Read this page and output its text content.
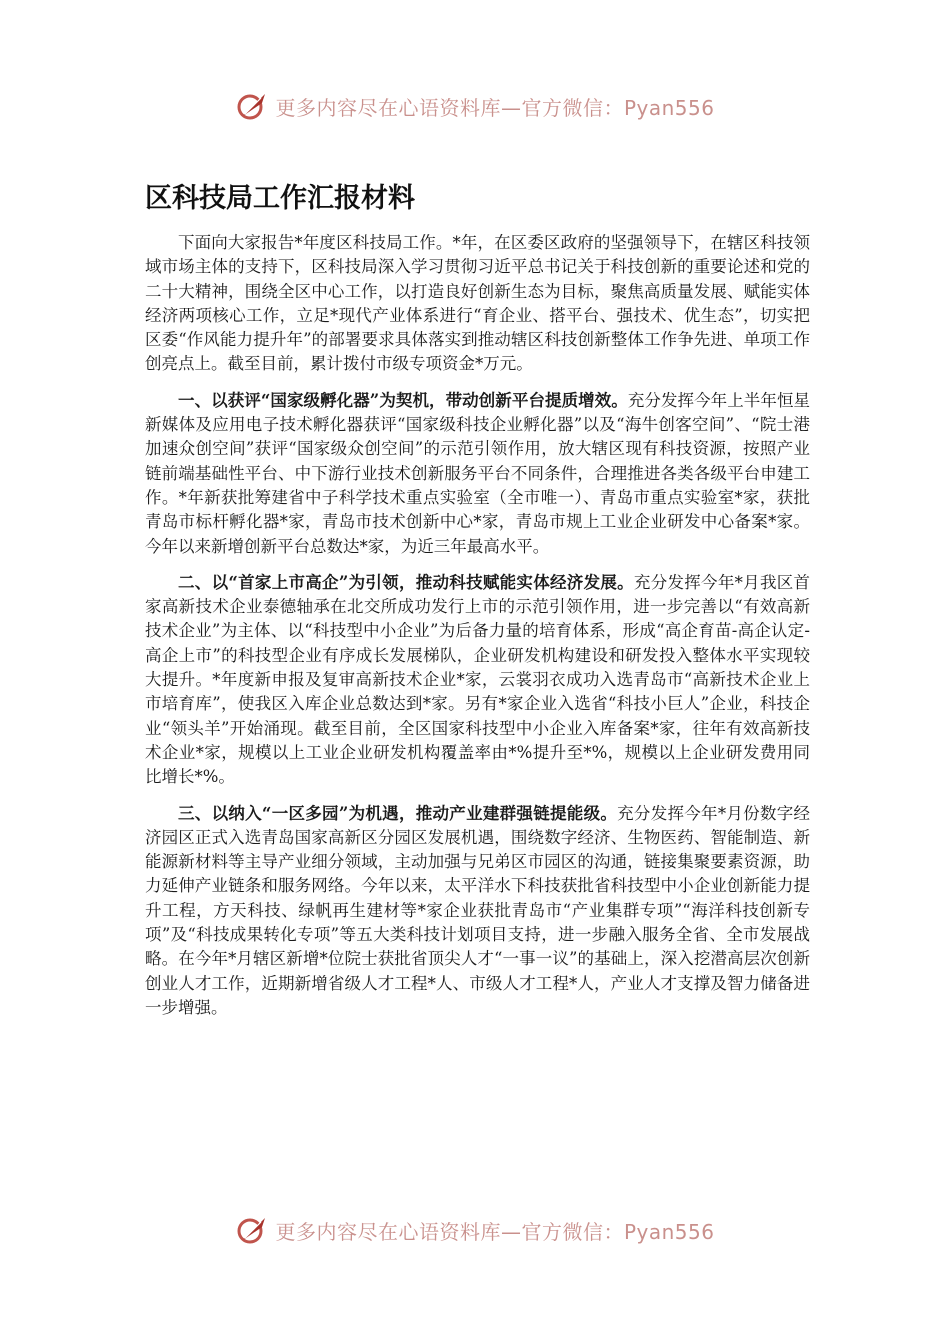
更多内容尽在心语资料库—官方微信：Pyan556
区科技局工作汇报材料

下面向大家报告*年度区科技局工作。*年，在区委区政府的坚强领导下，在辖区科技领域市场主体的支持下，区科技局深入学习贯彻习近平总书记关于科技创新的重要论述和党的二十大精神，围绕全区中心工作，以打造良好创新生态为目标，聚焦高质量发展、赋能实体经济两项核心工作，立足*现代产业体系进行“育企业、搭平台、强技术、优生态”，切实把区委“作风能力提升年”的部署要求具体落实到推动辖区科技创新整体工作争先进、单项工作创亮点上。截至目前，累计拨付市级专项资金*万元。

一、以获评“国家级孵化器”为契机，带动创新平台提质增效。充分发挥今年上半年恒星新媒体及应用电子技术孵化器获评“国家级科技企业孵化器”以及“海牛创客空间”、“院士港加速众创空间”获评“国家级众创空间”的示范引领作用，放大辖区现有科技资源，按照产业链前端基础性平台、中下游行业技术创新服务平台不同条件，合理推进各类各级平台申建工作。*年新获批筹建省中子科学技术重点实验室（全市唯一）、青岛市重点实验室*家，获批青岛市标杆孵化器*家，青岛市技术创新中心*家，青岛市规上工业企业研发中心备案*家。今年以来新增创新平台总数达*家，为近三年最高水平。

二、以“首家上市高企”为引领，推动科技赋能实体经济发展。充分发挥今年*月我区首家高新技术企业泰德轴承在北交所成功发行上市的示范引领作用，进一步完善以“有效高新技术企业”为主体、以“科技型中小企业”为后备力量的培育体系，形成“高企育苗-高企认定-高企上市”的科技型企业有序成长发展梯队，企业研发机构建设和研发投入整体水平实现较大提升。*年度新申报及复审高新技术企业*家，云裳羽衣成功入选青岛市“高新技术企业上市培育库”，使我区入库企业总数达到*家。另有*家企业入选省“科技小巨人”企业，科技企业“领头羊”开始涌现。截至目前，全区国家科技型中小企业入库备案*家，往年有效高新技术企业*家，规模以上工业企业研发机构覆盖率由*%提升至*%，规模以上企业研发费用同比增长*%。

三、以纳入“一区多园”为机遇，推动产业建群强链提能级。充分发挥今年*月份数字经济园区正式入选青岛国家高新区分园区发展机遇，围绕数字经济、生物医药、智能制造、新能源新材料等主导产业细分领域，主动加强与兄弟区市园区的沟通，链接集聚要素资源，助力延伸产业链条和服务网络。今年以来，太平洋水下科技获批省科技型中小企业创新能力提升工程，方天科技、绿帆再生建材等*家企业获批青岛市“产业集群专项”“海洋科技创新专项”及“科技成果转化专项”等五大类科技计划项目支持，进一步融入服务全省、全市发展战略。在今年*月辖区新增*位院士获批省顶尖人才“一事一议”的基础上，深入挖潜高层次创新创业人才工作，近期新增省级人才工程*人、市级人才工程*人，产业人才支撑及智力储备进一步增强。

更多内容尽在心语资料库—官方微信：Pyan556
